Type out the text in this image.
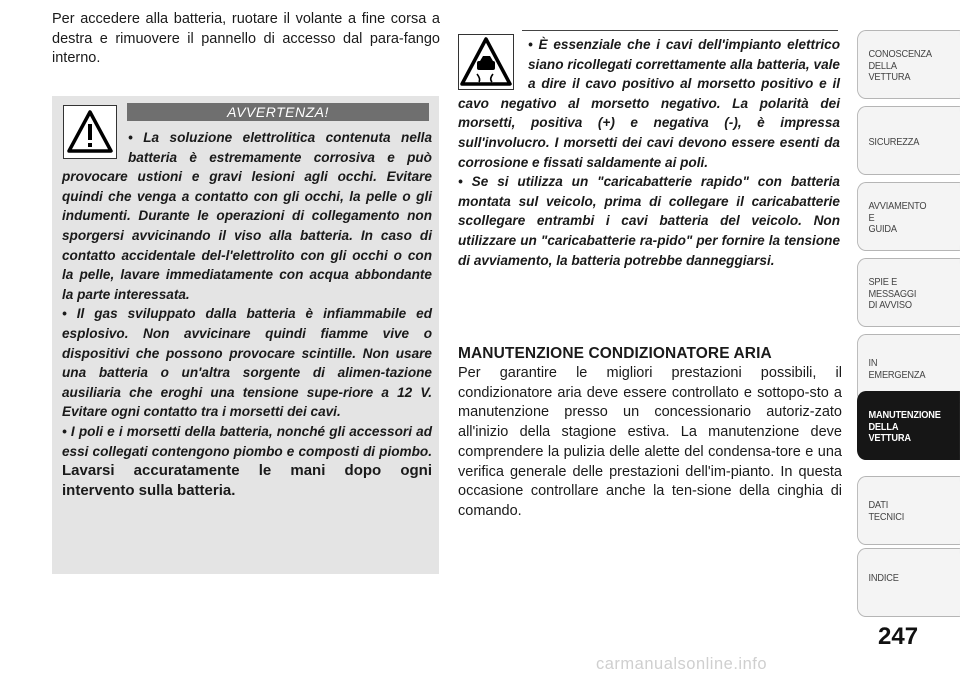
Per accedere alla batteria, ruotare il volante a fine corsa a destra e rimuovere il pannello di accesso dal para-fango interno.

AVVERTENZA!

• La soluzione elettrolitica contenuta nella batteria è estremamente corrosiva e può provocare ustioni e gravi lesioni agli occhi. Evitare quindi che venga a contatto con gli occhi, la pelle o gli indumenti. Durante le operazioni di collegamento non sporgersi avvicinando il viso alla batteria. In caso di contatto accidentale del-l'elettrolito con gli occhi o con la pelle, lavare immediatamente con acqua abbondante la parte interessata.

• Il gas sviluppato dalla batteria è infiammabile ed esplosivo. Non avvicinare quindi fiamme vive o dispositivi che possono provocare scintille. Non usare una batteria o un'altra sorgente di alimen-tazione ausiliaria che eroghi una tensione supe-riore a 12 V. Evitare ogni contatto tra i morsetti dei cavi.

• I poli e i morsetti della batteria, nonché gli accessori ad essi collegati contengono piombo e composti di piombo. Lavarsi accuratamente le mani dopo ogni intervento sulla batteria.

• È essenziale che i cavi dell'impianto elettrico siano ricollegati correttamente alla batteria, vale a dire il cavo positivo al morsetto positivo e il cavo negativo al morsetto negativo. La polarità dei morsetti, positiva (+) e negativa (-), è impressa sull'involucro. I morsetti dei cavi devono essere esenti da corrosione e fissati saldamente ai poli.

• Se si utilizza un "caricabatterie rapido" con batteria montata sul veicolo, prima di collegare il caricabatterie scollegare entrambi i cavi batteria del veicolo. Non utilizzare un "caricabatterie ra-pido" per fornire la tensione di avviamento, la batteria potrebbe danneggiarsi.

MANUTENZIONE CONDIZIONATORE ARIA

Per garantire le migliori prestazioni possibili, il condizionatore aria deve essere controllato e sottopo-sto a manutenzione presso un concessionario autoriz-zato all'inizio della stagione estiva. La manutenzione deve comprendere la pulizia delle alette del condensa-tore e una verifica generale delle prestazioni dell'im-pianto. In questa occasione controllare anche la ten-sione della cinghia di comando.

CONOSCENZA
DELLA
VETTURA
SICUREZZA
AVVIAMENTO
E
GUIDA
SPIE E
MESSAGGI
DI AVVISO
IN
EMERGENZA
MANUTENZIONE
DELLA
VETTURA
DATI
TECNICI
INDICE
247
carmanualsonline.info
